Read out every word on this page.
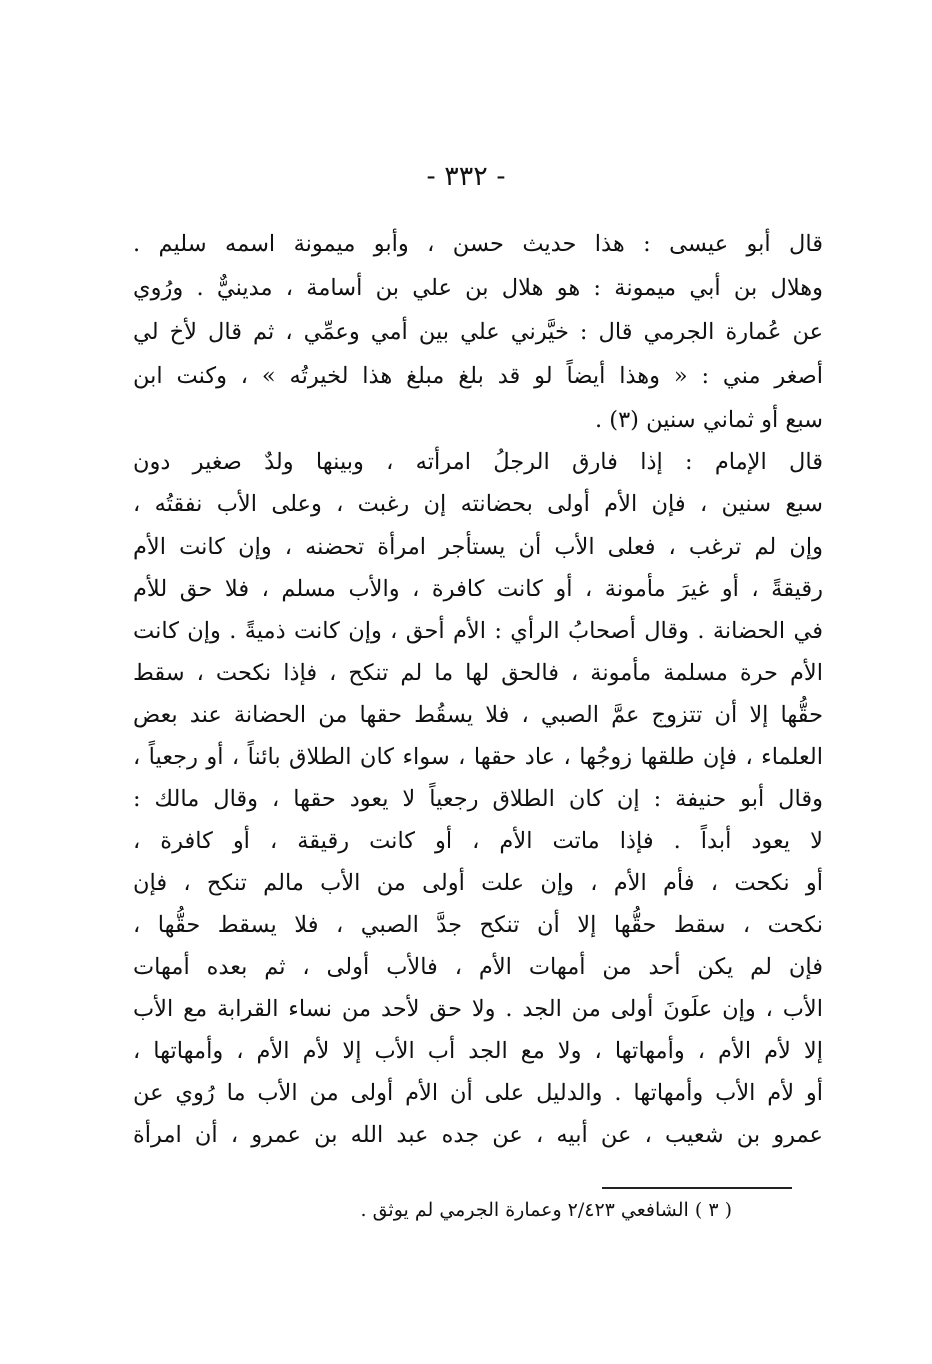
- ٣٣٢ -
قال أبو عيسى : هذا حديث حسن ، وأبو ميمونة اسمه سليم .
وهلال بن أبي ميمونة : هو هلال بن علي بن أسامة ، مدينيٌّ . ورُوي
عن عُمارة الجرمي قال : خيَّرني علي بين أمي وعمِّي ، ثم قال لأخ لي
أصغر مني : « وهذا أيضاً لو قد بلغ مبلغ هذا لخيرتُه » ، وكنت ابن
سبع أو ثماني سنين (٣) .
قال الإمام : إذا فارق الرجلُ امرأته ، وبينها ولدٌ صغير دون
سبع سنين ، فإن الأم أولى بحضانته إن رغبت ، وعلى الأب نفقتُه ،
وإن لم ترغب ، فعلى الأب أن يستأجر امرأة تحضنه ، وإن كانت الأم
رقيقةً ، أو غيرَ مأمونة ، أو كانت كافرة ، والأب مسلم ، فلا حق للأم
في الحضانة . وقال أصحابُ الرأي : الأم أحق ، وإن كانت ذميةً . وإن كانت
الأم حرة مسلمة مأمونة ، فالحق لها ما لم تنكح ، فإذا نكحت ، سقط
حقُّها إلا أن تتزوج عمَّ الصبي ، فلا يسقُط حقها من الحضانة عند بعض
العلماء ، فإن طلقها زوجُها ، عاد حقها ، سواء كان الطلاق بائناً ، أو رجعياً ،
وقال أبو حنيفة : إن كان الطلاق رجعياً لا يعود حقها ، وقال مالك :
لا يعود أبداً . فإذا ماتت الأم ، أو كانت رقيقة ، أو كافرة ،
أو نكحت ، فأم الأم ، وإن علت أولى من الأب مالم تنكح ، فإن
نكحت ، سقط حقُّها إلا أن تنكح جدَّ الصبي ، فلا يسقط حقُّها ،
فإن لم يكن أحد من أمهات الأم ، فالأب أولى ، ثم بعده أمهات
الأب ، وإن علَونَ أولى من الجد . ولا حق لأحد من نساء القرابة مع الأب
إلا لأم الأم ، وأمهاتها ، ولا مع الجد أب الأب إلا لأم الأم ، وأمهاتها ،
أو لأم الأب وأمهاتها . والدليل على أن الأم أولى من الأب ما رُوي عن
عمرو بن شعيب ، عن أبيه ، عن جده عبد الله بن عمرو ، أن امرأة
( ٣ ) الشافعي ٢/٤٢٣ وعمارة الجرمي لم يوثق .
